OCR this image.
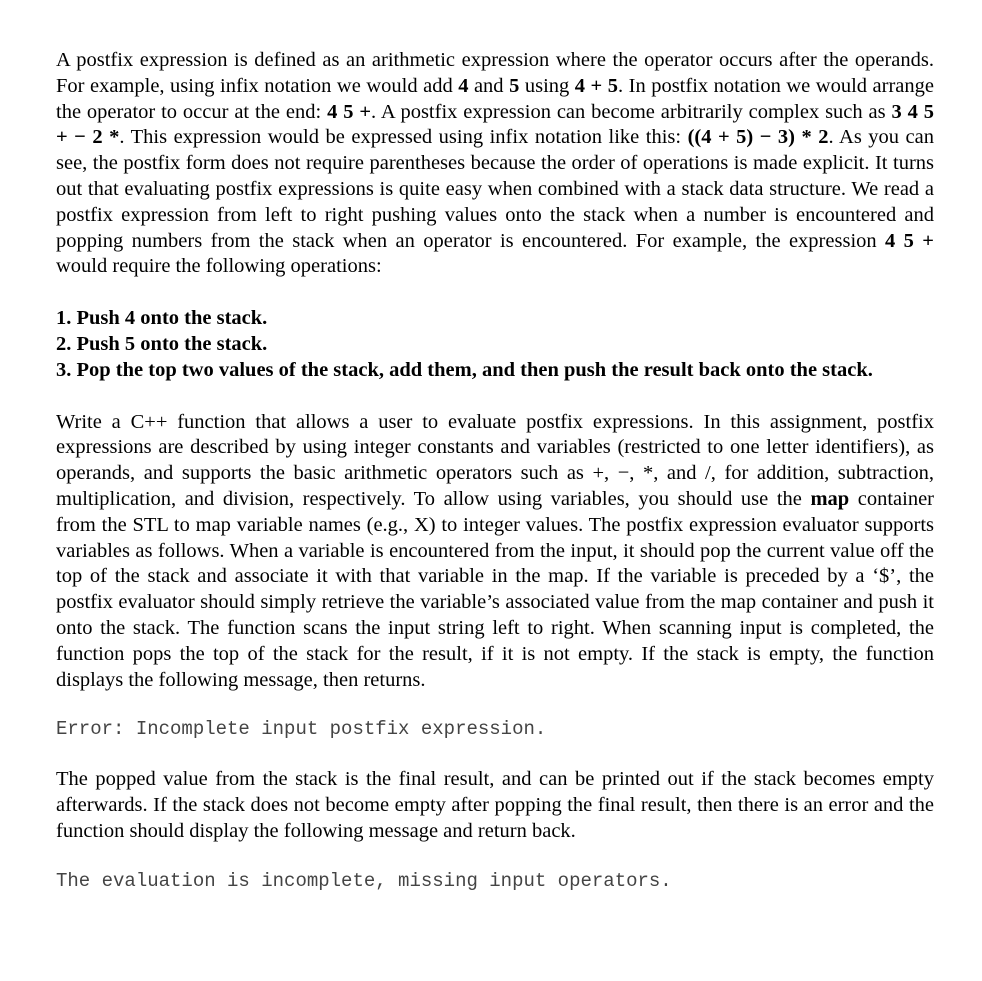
A postfix expression is defined as an arithmetic expression where the operator occurs after the operands. For example, using infix notation we would add 4 and 5 using 4 + 5. In postfix notation we would arrange the operator to occur at the end: 4 5 +. A postfix expression can become arbitrarily complex such as 3 4 5 + − 2 *. This expression would be expressed using infix notation like this: ((4 + 5) − 3) * 2. As you can see, the postfix form does not require parentheses because the order of operations is made explicit. It turns out that evaluating postfix expressions is quite easy when combined with a stack data structure. We read a postfix expression from left to right pushing values onto the stack when a number is encountered and popping numbers from the stack when an operator is encountered. For example, the expression 4 5 + would require the following operations:

1. Push 4 onto the stack.
2. Push 5 onto the stack.
3. Pop the top two values of the stack, add them, and then push the result back onto the stack.

Write a C++ function that allows a user to evaluate postfix expressions. In this assignment, postfix expressions are described by using integer constants and variables (restricted to one letter identifiers), as operands, and supports the basic arithmetic operators such as +, −, *, and /, for addition, subtraction, multiplication, and division, respectively. To allow using variables, you should use the map container from the STL to map variable names (e.g., X) to integer values. The postfix expression evaluator supports variables as follows. When a variable is encountered from the input, it should pop the current value off the top of the stack and associate it with that variable in the map. If the variable is preceded by a ‘$’, the postfix evaluator should simply retrieve the variable’s associated value from the map container and push it onto the stack. The function scans the input string left to right. When scanning input is completed, the function pops the top of the stack for the result, if it is not empty. If the stack is empty, the function displays the following message, then returns.

Error: Incomplete input postfix expression.

The popped value from the stack is the final result, and can be printed out if the stack becomes empty afterwards. If the stack does not become empty after popping the final result, then there is an error and the function should display the following message and return back.

The evaluation is incomplete, missing input operators.
